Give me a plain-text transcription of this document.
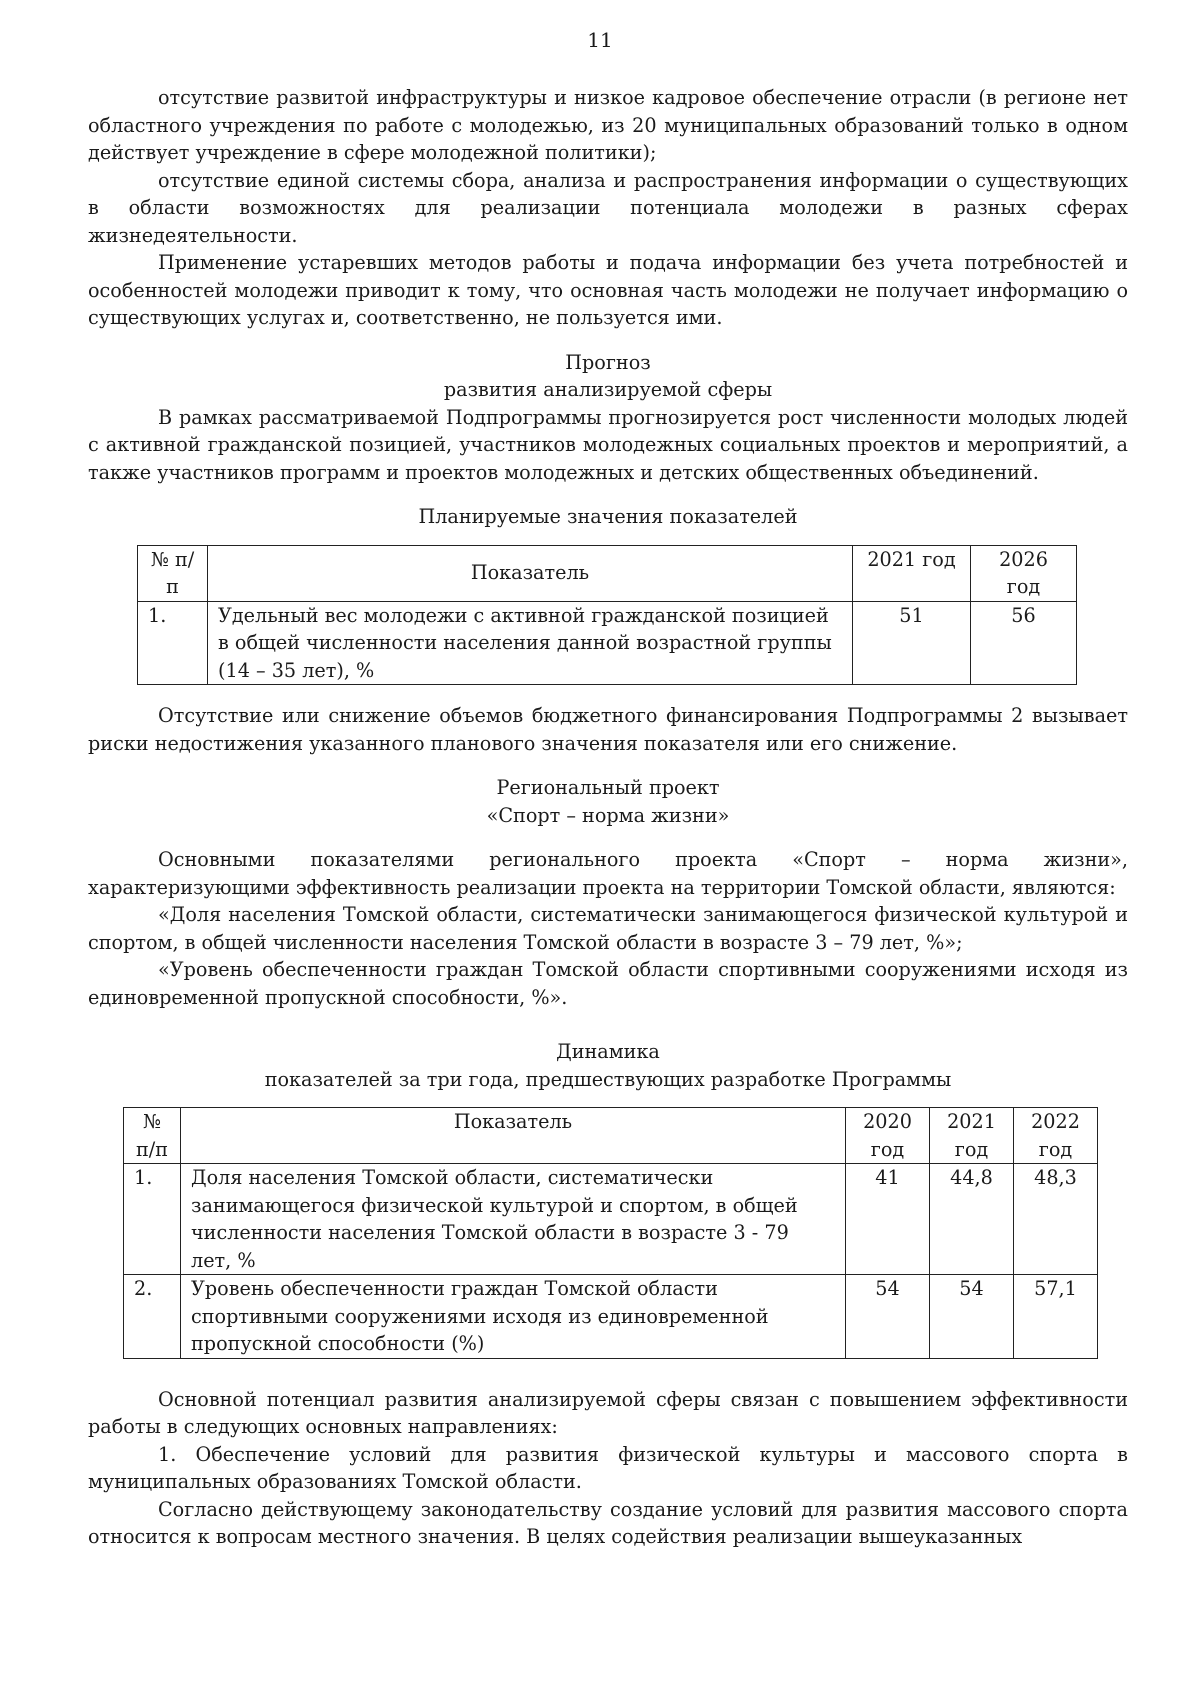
11

отсутствие развитой инфраструктуры и низкое кадровое обеспечение отрасли (в регионе нет областного учреждения по работе с молодежью, из 20 муниципальных образований только в одном действует учреждение в сфере молодежной политики);

отсутствие единой системы сбора, анализа и распространения информации о существующих в области возможностях для реализации потенциала молодежи в разных сферах жизнедеятельности.

Применение устаревших методов работы и подача информации без учета потребностей и особенностей молодежи приводит к тому, что основная часть молодежи не получает информацию о существующих услугах и, соответственно, не пользуется ими.

Прогноз

развития анализируемой сферы

В рамках рассматриваемой Подпрограммы прогнозируется рост численности молодых людей с активной гражданской позицией, участников молодежных социальных проектов и мероприятий, а также участников программ и проектов молодежных и детских общественных объединений.

Планируемые значения показателей

№ п/п	Показатель	2021 год	2026 год
1.	Удельный вес молодежи с активной гражданской позицией в общей численности населения данной возрастной группы (14 – 35 лет), %	51	56

Отсутствие или снижение объемов бюджетного финансирования Подпрограммы 2 вызывает риски недостижения указанного планового значения показателя или его снижение.

Региональный проект

«Спорт – норма жизни»

Основными показателями регионального проекта «Спорт – норма жизни», характеризующими эффективность реализации проекта на территории Томской области, являются:

«Доля населения Томской области, систематически занимающегося физической культурой и спортом, в общей численности населения Томской области в возрасте 3 – 79 лет, %»;

«Уровень обеспеченности граждан Томской области спортивными сооружениями исходя из единовременной пропускной способности, %».

Динамика

показателей за три года, предшествующих разработке Программы

№ п/п	Показатель	2020 год	2021 год	2022 год
1.	Доля населения Томской области, систематически занимающегося физической культурой и спортом, в общей численности населения Томской области в возрасте 3 - 79 лет, %	41	44,8	48,3
2.	Уровень обеспеченности граждан Томской области спортивными сооружениями исходя из единовременной пропускной способности (%)	54	54	57,1

Основной потенциал развития анализируемой сферы связан с повышением эффективности работы в следующих основных направлениях:

1. Обеспечение условий для развития физической культуры и массового спорта в муниципальных образованиях Томской области.

Согласно действующему законодательству создание условий для развития массового спорта относится к вопросам местного значения. В целях содействия реализации вышеуказанных
